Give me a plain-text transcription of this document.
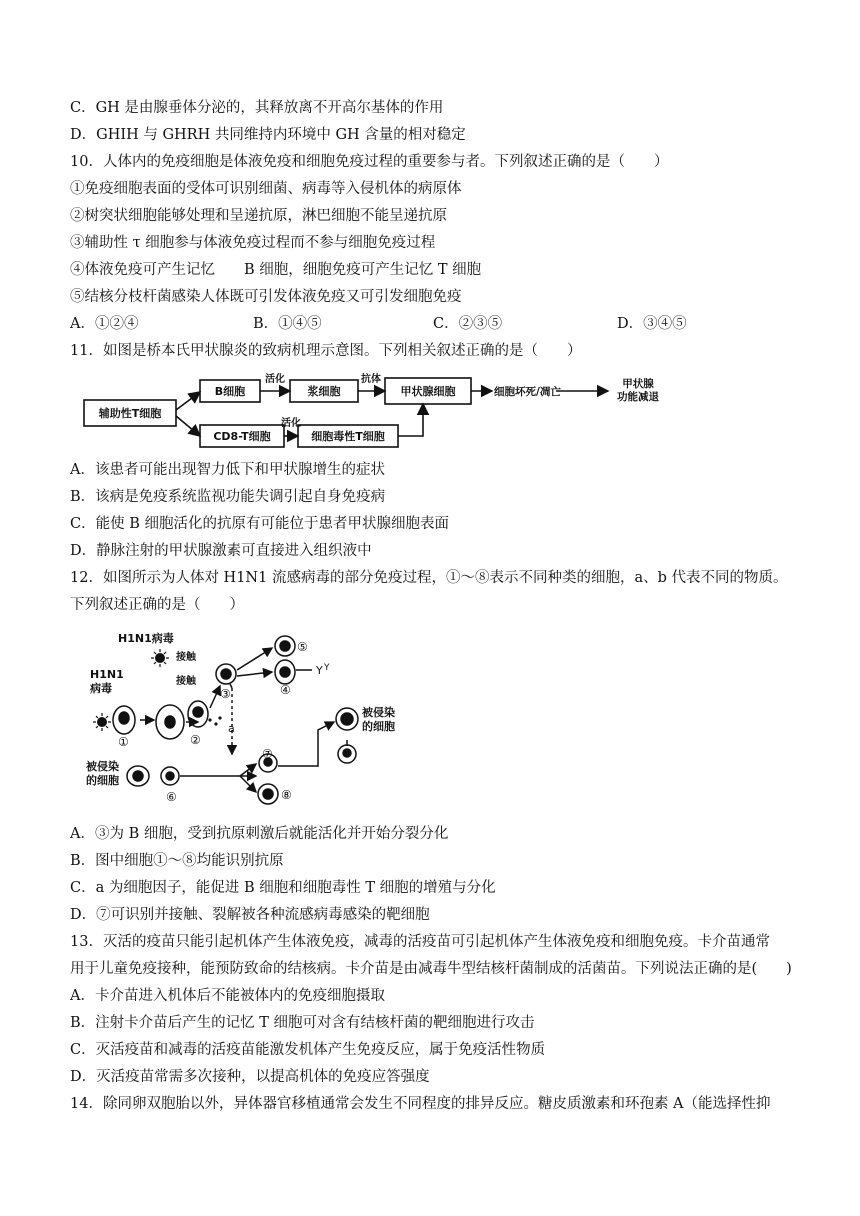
C．GH 是由腺垂体分泌的，其释放离不开高尔基体的作用
D．GHIH 与 GHRH 共同维持内环境中 GH 含量的相对稳定
10．人体内的免疫细胞是体液免疫和细胞免疫过程的重要参与者。下列叙述正确的是（　　）
①免疫细胞表面的受体可识别细菌、病毒等入侵机体的病原体
②树突状细胞能够处理和呈递抗原，淋巴细胞不能呈递抗原
③辅助性 τ 细胞参与体液免疫过程而不参与细胞免疫过程
④体液免疫可产生记忆　　B 细胞，细胞免疫可产生记忆 T 细胞
⑤结核分枝杆菌感染人体既可引发体液免疫又可引发细胞免疫
A．①②④	B．①④⑤	C．②③⑤	D．③④⑤
11．如图是桥本氏甲状腺炎的致病机理示意图。下列相关叙述正确的是（　　）
辅助性T细胞
B细胞
活化
浆细胞
抗体
甲状腺细胞
CD8-T细胞
活化
细胞毒性T细胞
细胞坏死/凋亡
甲状腺
功能减退
A．该患者可能出现智力低下和甲状腺增生的症状
B．该病是免疫系统监视功能失调引起自身免疫病
C．能使 B 细胞活化的抗原有可能位于患者甲状腺细胞表面
D．静脉注射的甲状腺激素可直接进入组织液中
12．如图所示为人体对 H1N1 流感病毒的部分免疫过程，①～⑧表示不同种类的细胞，a、b 代表不同的物质。
下列叙述正确的是（　　）
H1N1病毒
接触
接触
H1N1
病毒
被侵染
的细胞
被侵染
的细胞
①	②
③	④
⑤
⑥
⑦
⑧
a
Y Y
A．③为 B 细胞，受到抗原刺激后就能活化并开始分裂分化
B．图中细胞①～⑧均能识别抗原
C．a 为细胞因子，能促进 B 细胞和细胞毒性 T 细胞的增殖与分化
D．⑦可识别并接触、裂解被各种流感病毒感染的靶细胞
13．灭活的疫苗只能引起机体产生体液免疫，减毒的活疫苗可引起机体产生体液免疫和细胞免疫。卡介苗通常
用于儿童免疫接种，能预防致命的结核病。卡介苗是由减毒牛型结核杆菌制成的活菌苗。下列说法正确的是(　　)
A．卡介苗进入机体后不能被体内的免疫细胞摄取
B．注射卡介苗后产生的记忆 T 细胞可对含有结核杆菌的靶细胞进行攻击
C．灭活疫苗和减毒的活疫苗能激发机体产生免疫反应，属于免疫活性物质
D．灭活疫苗常需多次接种，以提高机体的免疫应答强度
14．除同卵双胞胎以外，异体器官移植通常会发生不同程度的排异反应。糖皮质激素和环孢素 A（能选择性抑
